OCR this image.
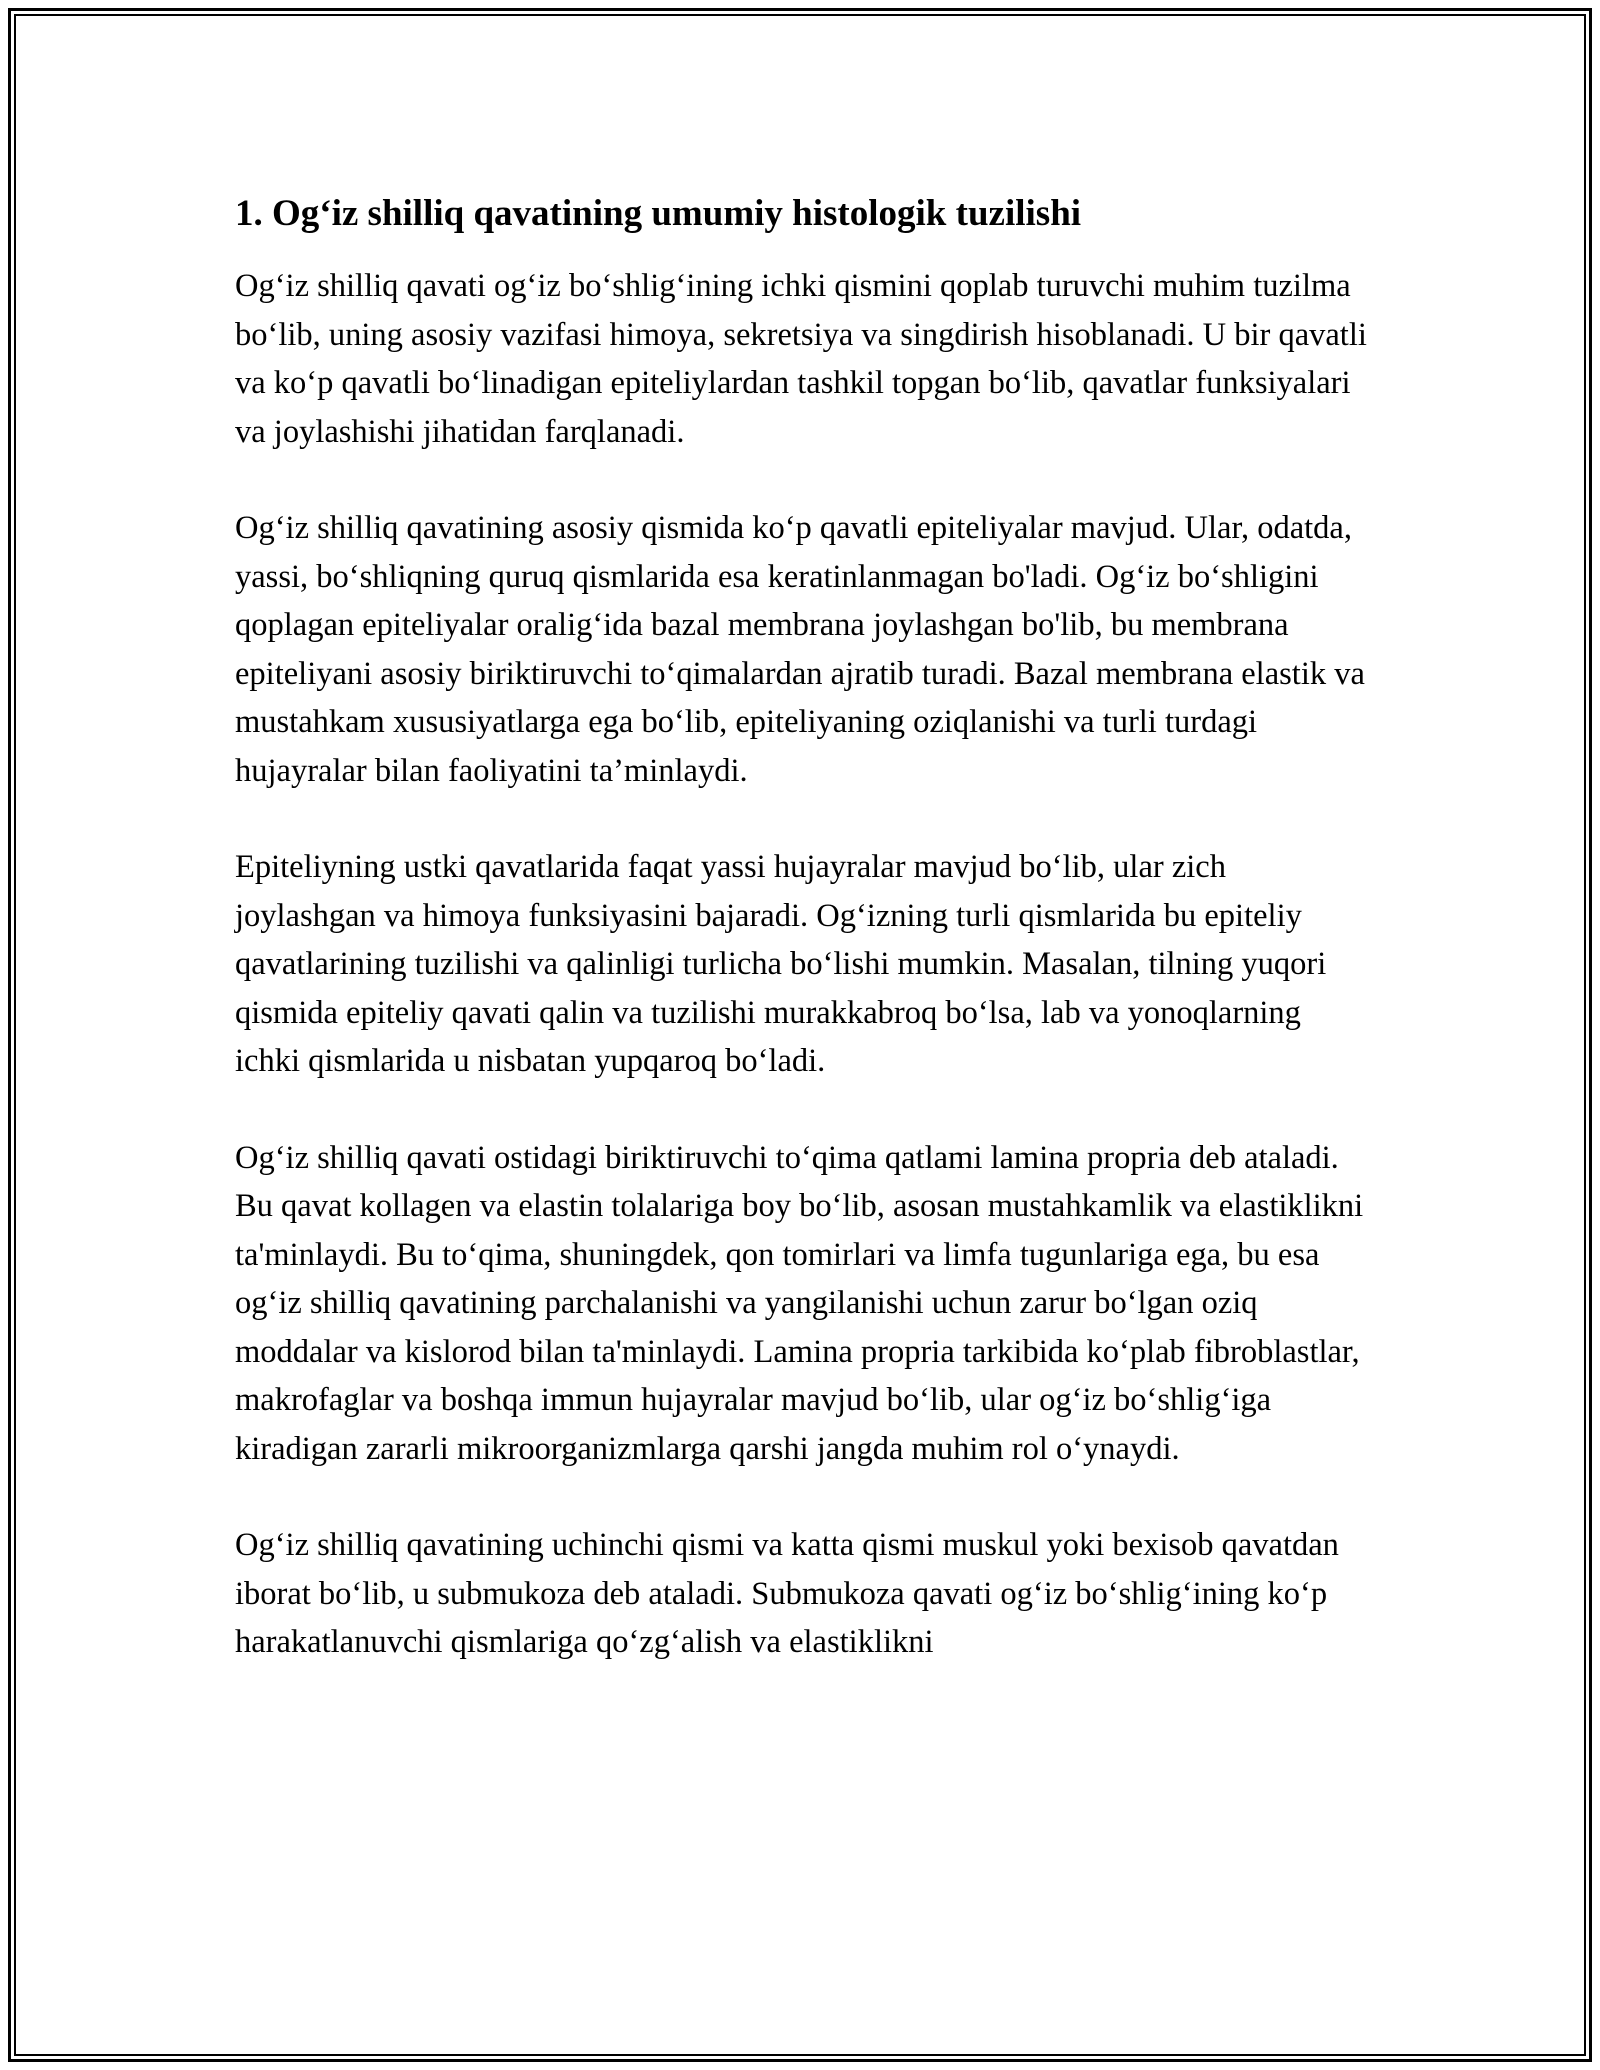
1. Og‘iz shilliq qavatining umumiy histologik tuzilishi

Og‘iz shilliq qavati og‘iz bo‘shlig‘ining ichki qismini qoplab turuvchi muhim tuzilma bo‘lib, uning asosiy vazifasi himoya, sekretsiya va singdirish hisoblanadi. U bir qavatli va ko‘p qavatli bo‘linadigan epiteliylardan tashkil topgan bo‘lib, qavatlar funksiyalari va joylashishi jihatidan farqlanadi.

Og‘iz shilliq qavatining asosiy qismida ko‘p qavatli epiteliyalar mavjud. Ular, odatda, yassi, bo‘shliqning quruq qismlarida esa keratinlanmagan bo'ladi. Og‘iz bo‘shligini qoplagan epiteliyalar oralig‘ida bazal membrana joylashgan bo'lib, bu membrana epiteliyani asosiy biriktiruvchi to‘qimalardan ajratib turadi. Bazal membrana elastik va mustahkam xususiyatlarga ega bo‘lib, epiteliyaning oziqlanishi va turli turdagi hujayralar bilan faoliyatini ta’minlaydi.

Epiteliyning ustki qavatlarida faqat yassi hujayralar mavjud bo‘lib, ular zich joylashgan va himoya funksiyasini bajaradi. Og‘izning turli qismlarida bu epiteliy qavatlarining tuzilishi va qalinligi turlicha bo‘lishi mumkin. Masalan, tilning yuqori qismida epiteliy qavati qalin va tuzilishi murakkabroq bo‘lsa, lab va yonoqlarning ichki qismlarida u nisbatan yupqaroq bo‘ladi.

Og‘iz shilliq qavati ostidagi biriktiruvchi to‘qima qatlami lamina propria deb ataladi. Bu qavat kollagen va elastin tolalariga boy bo‘lib, asosan mustahkamlik va elastiklikni ta'minlaydi. Bu to‘qima, shuningdek, qon tomirlari va limfa tugunlariga ega, bu esa og‘iz shilliq qavatining parchalanishi va yangilanishi uchun zarur bo‘lgan oziq moddalar va kislorod bilan ta'minlaydi. Lamina propria tarkibida ko‘plab fibroblastlar, makrofaglar va boshqa immun hujayralar mavjud bo‘lib, ular og‘iz bo‘shlig‘iga kiradigan zararli mikroorganizmlarga qarshi jangda muhim rol o‘ynaydi.

Og‘iz shilliq qavatining uchinchi qismi va katta qismi muskul yoki bexisob qavatdan iborat bo‘lib, u submukoza deb ataladi. Submukoza qavati og‘iz bo‘shlig‘ining ko‘p harakatlanuvchi qismlariga qo‘zg‘alish va elastiklikni
